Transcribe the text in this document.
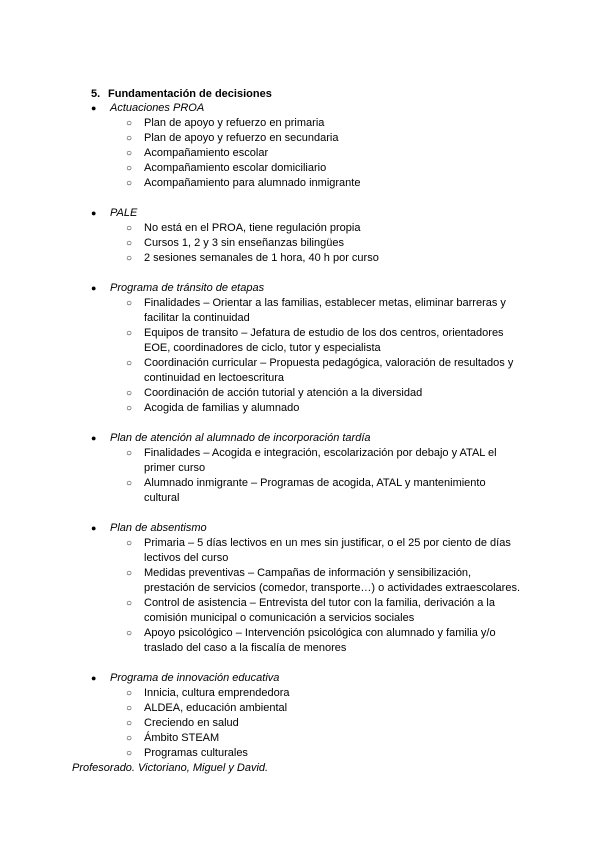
5. Fundamentación de decisiones
● Actuaciones PROA
○ Plan de apoyo y refuerzo en primaria
○ Plan de apoyo y refuerzo en secundaria
○ Acompañamiento escolar
○ Acompañamiento escolar domiciliario
○ Acompañamiento para alumnado inmigrante
● PALE
○ No está en el PROA, tiene regulación propia
○ Cursos 1, 2 y 3 sin enseñanzas bilingües
○ 2 sesiones semanales de 1 hora, 40 h por curso
● Programa de tránsito de etapas
○ Finalidades – Orientar a las familias, establecer metas, eliminar barreras y facilitar la continuidad
○ Equipos de transito – Jefatura de estudio de los dos centros, orientadores EOE, coordinadores de ciclo, tutor y especialista
○ Coordinación curricular – Propuesta pedagógica, valoración de resultados y continuidad en lectoescritura
○ Coordinación de acción tutorial y atención a la diversidad
○ Acogida de familias y alumnado
● Plan de atención al alumnado de incorporación tardía
○ Finalidades – Acogida e integración, escolarización por debajo y ATAL el primer curso
○ Alumnado inmigrante – Programas de acogida, ATAL y mantenimiento cultural
● Plan de absentismo
○ Primaria – 5 días lectivos en un mes sin justificar, o el 25 por ciento de días lectivos del curso
○ Medidas preventivas – Campañas de información y sensibilización, prestación de servicios (comedor, transporte…) o actividades extraescolares.
○ Control de asistencia – Entrevista del tutor con la familia, derivación a la comisión municipal o comunicación a servicios sociales
○ Apoyo psicológico – Intervención psicológica con alumnado y familia y/o traslado del caso a la fiscalía de menores
● Programa de innovación educativa
○ Innicia, cultura emprendedora
○ ALDEA, educación ambiental
○ Creciendo en salud
○ Ámbito STEAM
○ Programas culturales
Profesorado. Victoriano, Miguel y David.
